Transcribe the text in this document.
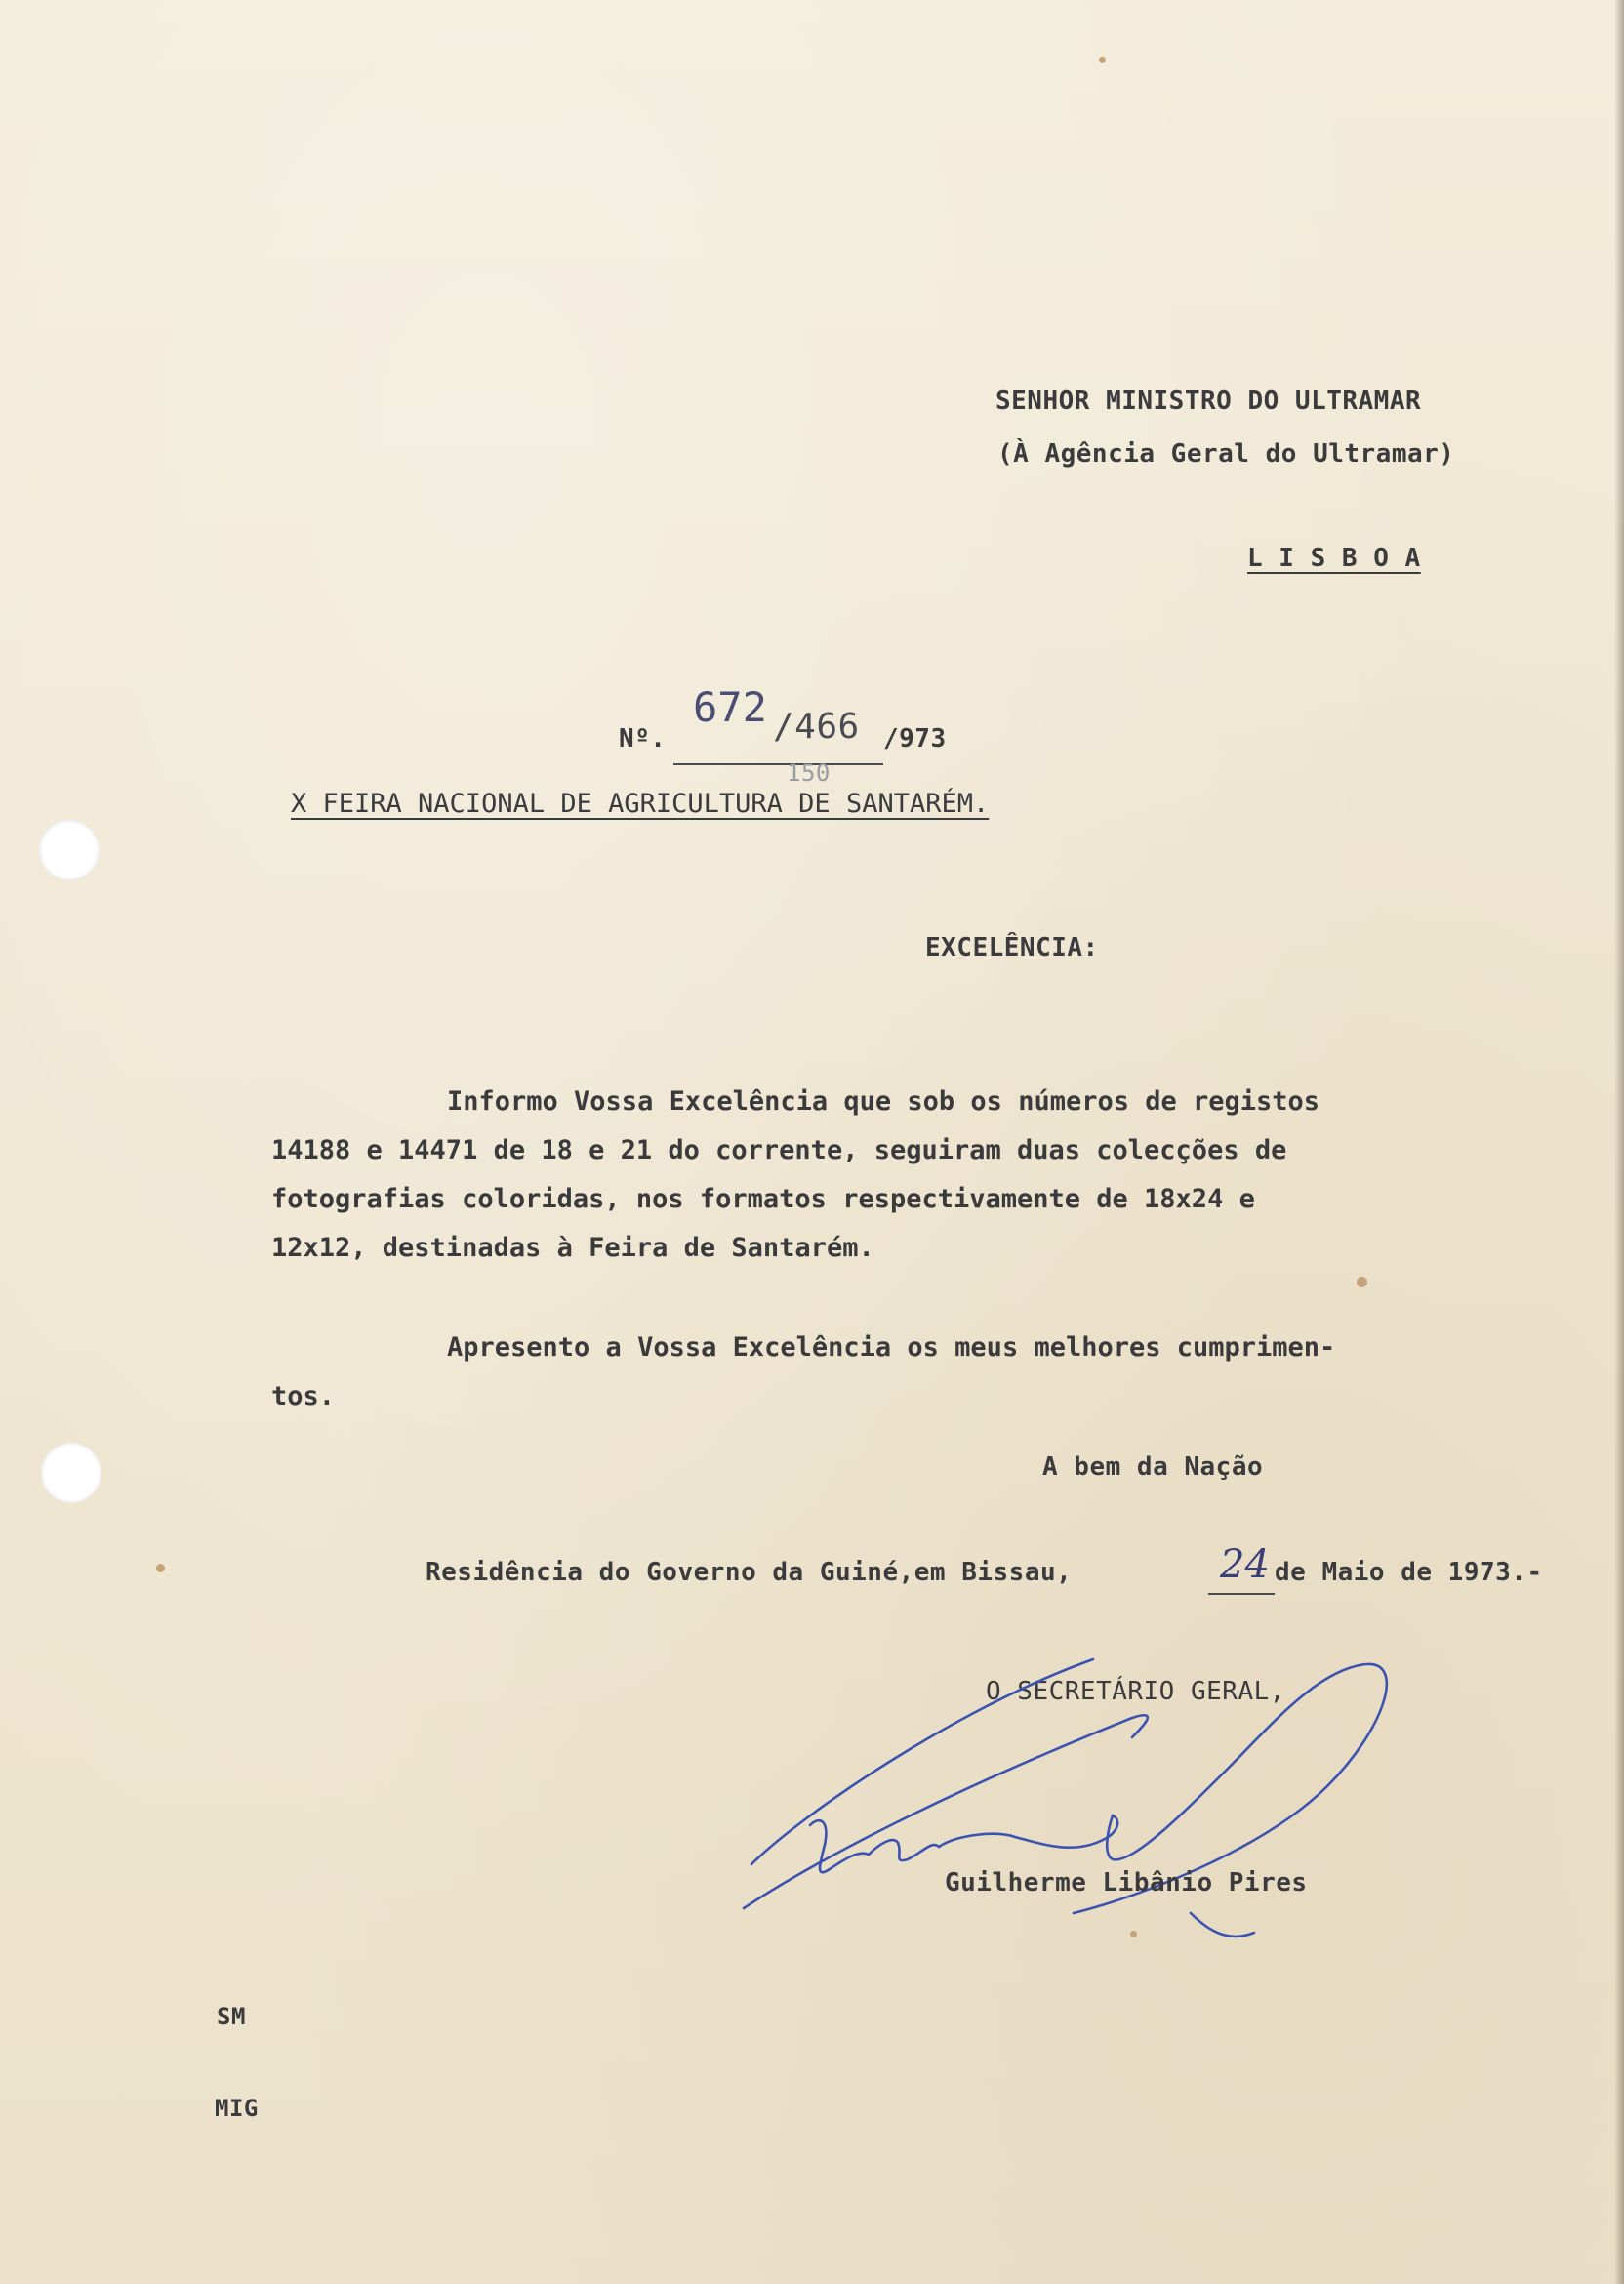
SENHOR MINISTRO DO ULTRAMAR
(À Agência Geral do Ultramar)
L I S B O A
Nº.
672 /466
150
/973
X FEIRA NACIONAL DE AGRICULTURA DE SANTARÉM.
EXCELÊNCIA:
Informo Vossa Excelência que sob os números de registos
14188 e 14471 de 18 e 21 do corrente, seguiram duas colecções de
fotografias coloridas, nos formatos respectivamente de 18x24 e
12x12, destinadas à Feira de Santarém.
Apresento a Vossa Excelência os meus melhores cumprimen-
tos.
A bem da Nação
Residência do Governo da Guiné,em Bissau,	24 de Maio de 1973.-
O SECRETÁRIO GERAL,
Guilherme Libânio Pires
SM
MIG
